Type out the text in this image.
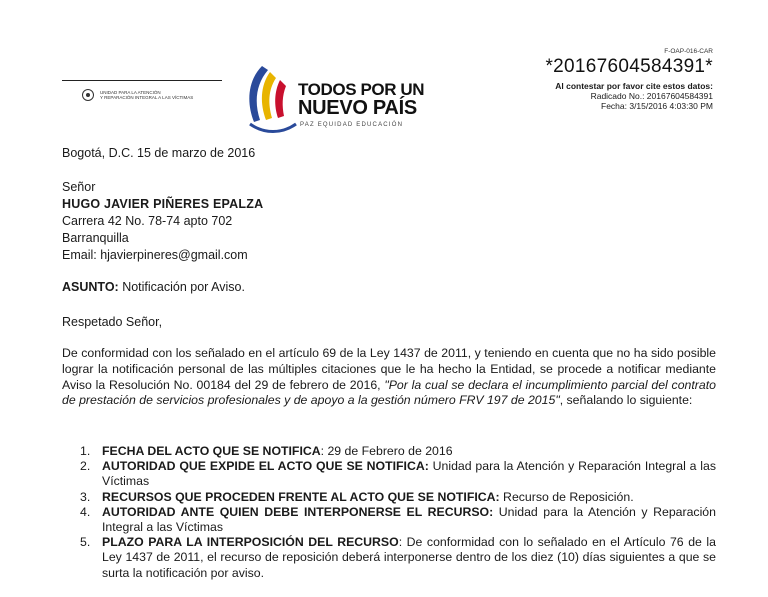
UNIDAD PARA LA ATENCIÓN
Y REPARACIÓN INTEGRAL A LAS VÍCTIMAS	TODOS POR UN
NUEVO PAÍS
PAZ EQUIDAD EDUCACIÓN
F-OAP-016-CAR
*20167604584391*
Al contestar por favor cite estos datos:
Radicado No.: 20167604584391
Fecha: 3/15/2016 4:03:30 PM
Bogotá, D.C. 15 de marzo de 2016
Señor
HUGO JAVIER PIÑERES EPALZA
Carrera 42 No. 78-74 apto 702
Barranquilla
Email: hjavierpineres@gmail.com
ASUNTO: Notificación por Aviso.
Respetado Señor,
De conformidad con los señalado en el artículo 69 de la Ley 1437 de 2011, y teniendo en cuenta que no ha sido posible lograr la notificación personal de las múltiples citaciones que le ha hecho la Entidad, se procede a notificar mediante Aviso la Resolución No. 00184 del 29 de febrero de 2016, "Por la cual se declara el incumplimiento parcial del contrato de prestación de servicios profesionales y de apoyo a la gestión número FRV 197 de 2015", señalando lo siguiente:
1. FECHA DEL ACTO QUE SE NOTIFICA: 29 de Febrero de 2016
2. AUTORIDAD QUE EXPIDE EL ACTO QUE SE NOTIFICA: Unidad para la Atención y Reparación Integral a las Víctimas
3. RECURSOS QUE PROCEDEN FRENTE AL ACTO QUE SE NOTIFICA: Recurso de Reposición.
4. AUTORIDAD ANTE QUIEN DEBE INTERPONERSE EL RECURSO: Unidad para la Atención y Reparación Integral a las Víctimas
5. PLAZO PARA LA INTERPOSICIÓN DEL RECURSO: De conformidad con lo señalado en el Artículo 76 de la Ley 1437 de 2011, el recurso de reposición deberá interponerse dentro de los diez (10) días siguientes a que se surta la notificación por aviso.
